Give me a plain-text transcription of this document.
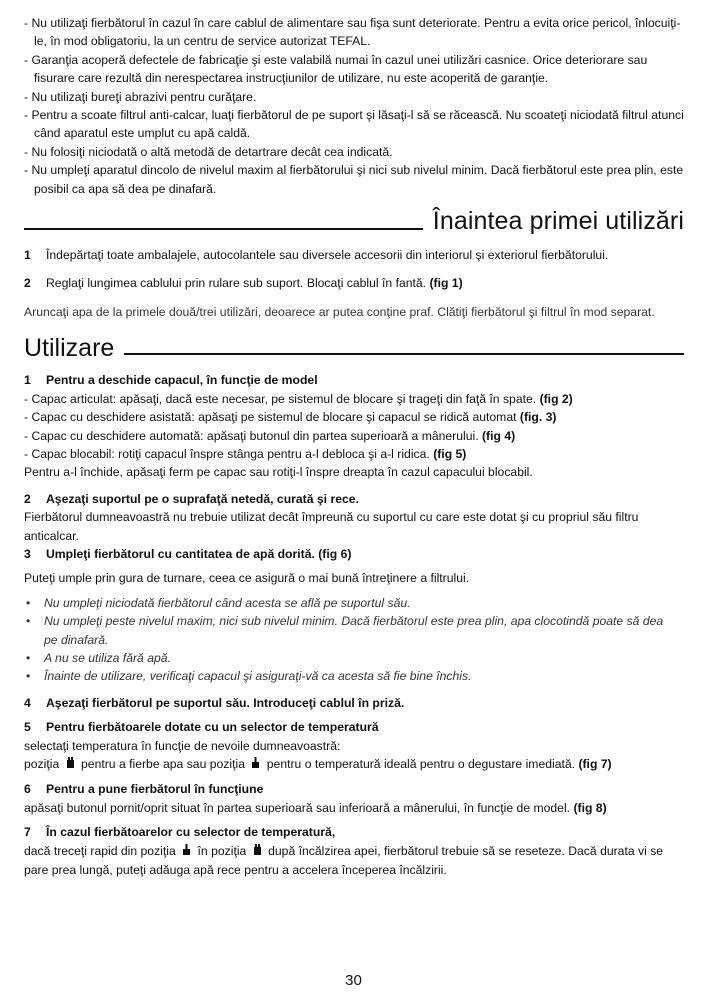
- Nu utilizaţi fierbătorul în cazul în care cablul de alimentare sau fişa sunt deteriorate. Pentru a evita orice pericol, înlocuiţi-le, în mod obligatoriu, la un centru de service autorizat TEFAL.
- Garanţia acoperă defectele de fabricaţie şi este valabilă numai în cazul unei utilizări casnice. Orice deteriorare sau fisurare care rezultă din nerespectarea instrucţiunilor de utilizare, nu este acoperită de garanţie.
- Nu utilizaţi bureţi abrazivi pentru curăţare.
- Pentru a scoate filtrul anti-calcar, luaţi fierbătorul de pe suport şi lăsaţi-l să se răcească. Nu scoateţi niciodată filtrul atunci când aparatul este umplut cu apă caldă.
- Nu folosiţi niciodată o altă metodă de detartrare decât cea indicată.
- Nu umpleţi aparatul dincolo de nivelul maxim al fierbătorului şi nici sub nivelul minim. Dacă fierbătorul este prea plin, este posibil ca apa să dea pe dinafară.
Înaintea primei utilizări
1	Îndepărtaţi toate ambalajele, autocolantele sau diversele accesorii din interiorul şi exteriorul fierbătorului.
2	Reglaţi lungimea cablului prin rulare sub suport. Blocaţi cablul în fantă. (fig 1)
Aruncaţi apa de la primele două/trei utilizări, deoarece ar putea conţine praf. Clătiţi fierbătorul şi filtrul în mod separat.
Utilizare
1	Pentru a deschide capacul, în funcţie de model
- Capac articulat: apăsaţi, dacă este necesar, pe sistemul de blocare şi trageţi din faţă în spate. (fig 2)
- Capac cu deschidere asistată: apăsaţi pe sistemul de blocare şi capacul se ridică automat (fig. 3)
- Capac cu deschidere automată: apăsaţi butonul din partea superioară a mânerului. (fig 4)
- Capac blocabil: rotiţi capacul înspre stânga pentru a-l debloca şi a-l ridica. (fig 5)
Pentru a-l închide, apăsaţi ferm pe capac sau rotiţi-l înspre dreapta în cazul capacului blocabil.
2	Aşezaţi suportul pe o suprafaţă netedă, curată şi rece.
Fierbătorul dumneavoastră nu trebuie utilizat decât împreună cu suportul cu care este dotat şi cu propriul său filtru anticalcar.
3	Umpleţi fierbătorul cu cantitatea de apă dorită. (fig 6)
Puteţi umple prin gura de turnare, ceea ce asigură o mai bună întreţinere a filtrului.
•	Nu umpleţi niciodată fierbătorul când acesta se află pe suportul său.
•	Nu umpleţi peste nivelul maxim, nici sub nivelul minim. Dacă fierbătorul este prea plin, apa clocotindă poate să dea pe dinafară.
•	A nu se utiliza fără apă.
•	Înainte de utilizare, verificaţi capacul şi asiguraţi-vă ca acesta să fie bine închis.
4	Aşezaţi fierbătorul pe suportul său. Introduceţi cablul în priză.
5	Pentru fierbătoarele dotate cu un selector de temperatură
selectaţi temperatura în funcţie de nevoile dumneavoastră:
poziţia pentru a fierbe apa sau poziţia pentru o temperatură ideală pentru o degustare imediată. (fig 7)
6	Pentru a pune fierbătorul în funcţiune
apăsaţi butonul pornit/oprit situat în partea superioară sau inferioară a mânerului, în funcţie de model. (fig 8)
7	În cazul fierbătoarelor cu selector de temperatură,
dacă treceţi rapid din poziţia în poziţia după încălzirea apei, fierbătorul trebuie să se reseteze. Dacă durata vi se pare prea lungă, puteţi adăuga apă rece pentru a accelera începerea încălzirii.
30
